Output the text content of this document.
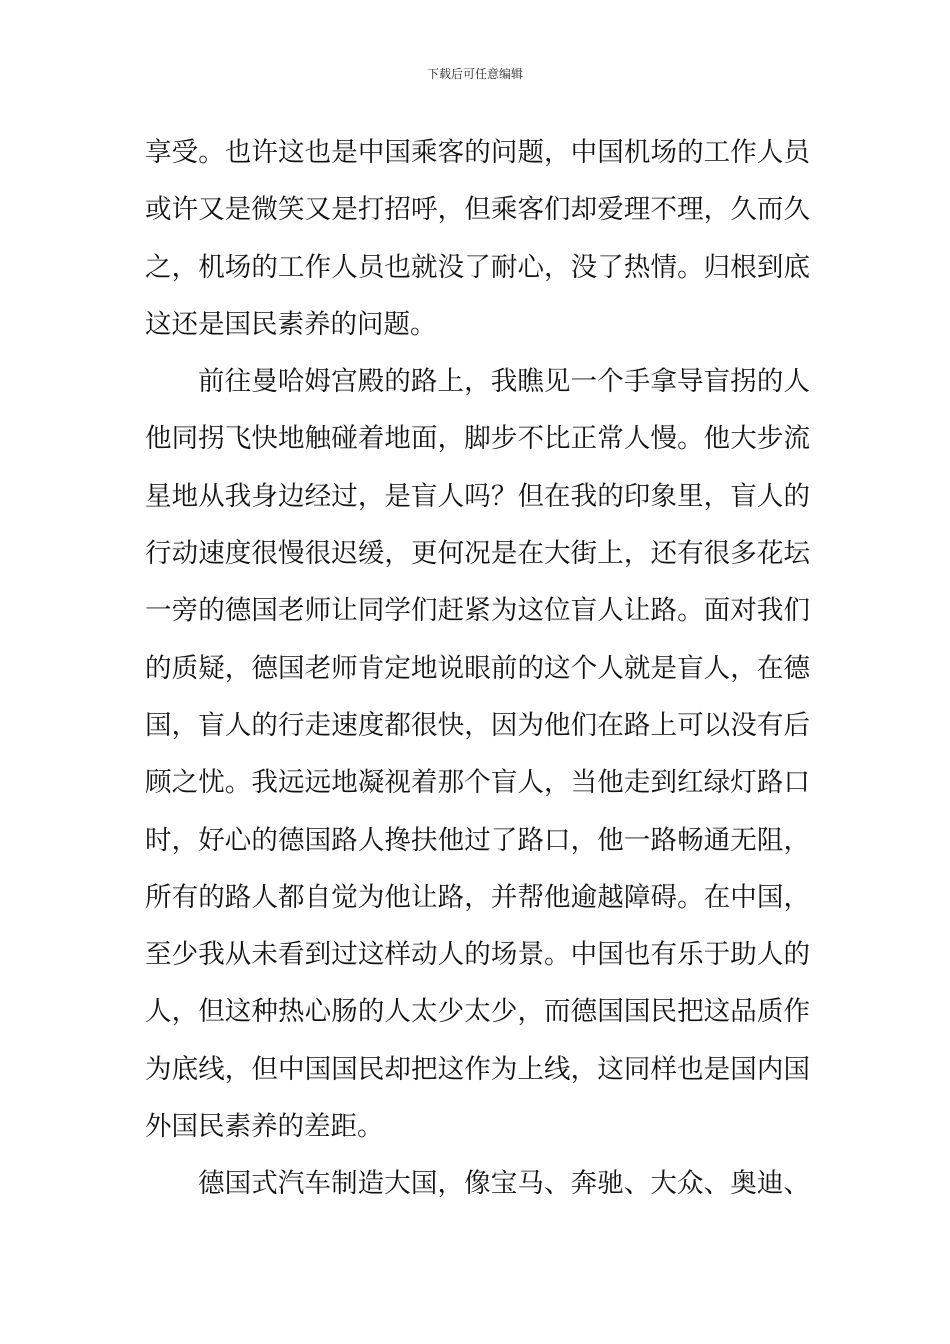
下载后可任意编辑
享受。也许这也是中国乘客的问题，中国机场的工作人员
或许又是微笑又是打招呼，但乘客们却爱理不理，久而久
之，机场的工作人员也就没了耐心，没了热情。归根到底
这还是国民素养的问题。
前往曼哈姆宫殿的路上，我瞧见一个手拿导盲拐的人
他同拐飞快地触碰着地面，脚步不比正常人慢。他大步流
星地从我身边经过，是盲人吗？但在我的印象里，盲人的
行动速度很慢很迟缓，更何况是在大街上，还有很多花坛
一旁的德国老师让同学们赶紧为这位盲人让路。面对我们
的质疑，德国老师肯定地说眼前的这个人就是盲人，在德
国，盲人的行走速度都很快，因为他们在路上可以没有后
顾之忧。我远远地凝视着那个盲人，当他走到红绿灯路口
时，好心的德国路人搀扶他过了路口，他一路畅通无阻，
所有的路人都自觉为他让路，并帮他逾越障碍。在中国，
至少我从未看到过这样动人的场景。中国也有乐于助人的
人，但这种热心肠的人太少太少，而德国国民把这品质作
为底线，但中国国民却把这作为上线，这同样也是国内国
外国民素养的差距。
德国式汽车制造大国，像宝马、奔驰、大众、奥迪、
